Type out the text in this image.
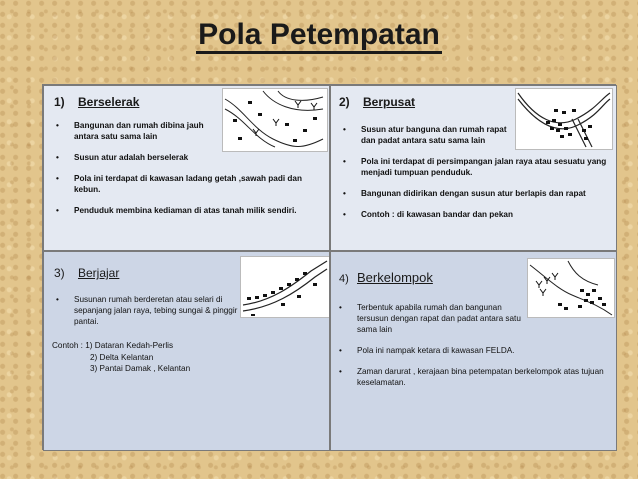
Pola Petempatan
1) Berselerak
• Bangunan dan rumah dibina jauh antara satu sama lain
• Susun atur adalah berselerak
• Pola ini terdapat di kawasan ladang getah ,sawah padi dan kebun.
• Penduduk membina kediaman di atas tanah milik sendiri.
2) Berpusat
• Susun atur banguna dan rumah rapat dan padat antara satu sama lain
• Pola ini terdapat di persimpangan jalan raya atau sesuatu yang menjadi tumpuan penduduk.
• Bangunan didirikan dengan susun atur berlapis dan rapat
• Contoh : di kawasan bandar dan pekan
3) Berjajar
• Susunan rumah berderetan atau selari di sepanjang jalan raya, tebing sungai & pinggir pantai.
Contoh : 1) Dataran Kedah-Perlis
2) Delta Kelantan
3) Pantai Damak , Kelantan
4) Berkelompok
• Terbentuk apabila rumah dan bangunan tersusun dengan rapat dan padat antara satu sama lain
• Pola ini nampak ketara di kawasan FELDA.
• Zaman darurat , kerajaan bina petempatan berkelompok atas tujuan keselamatan.
